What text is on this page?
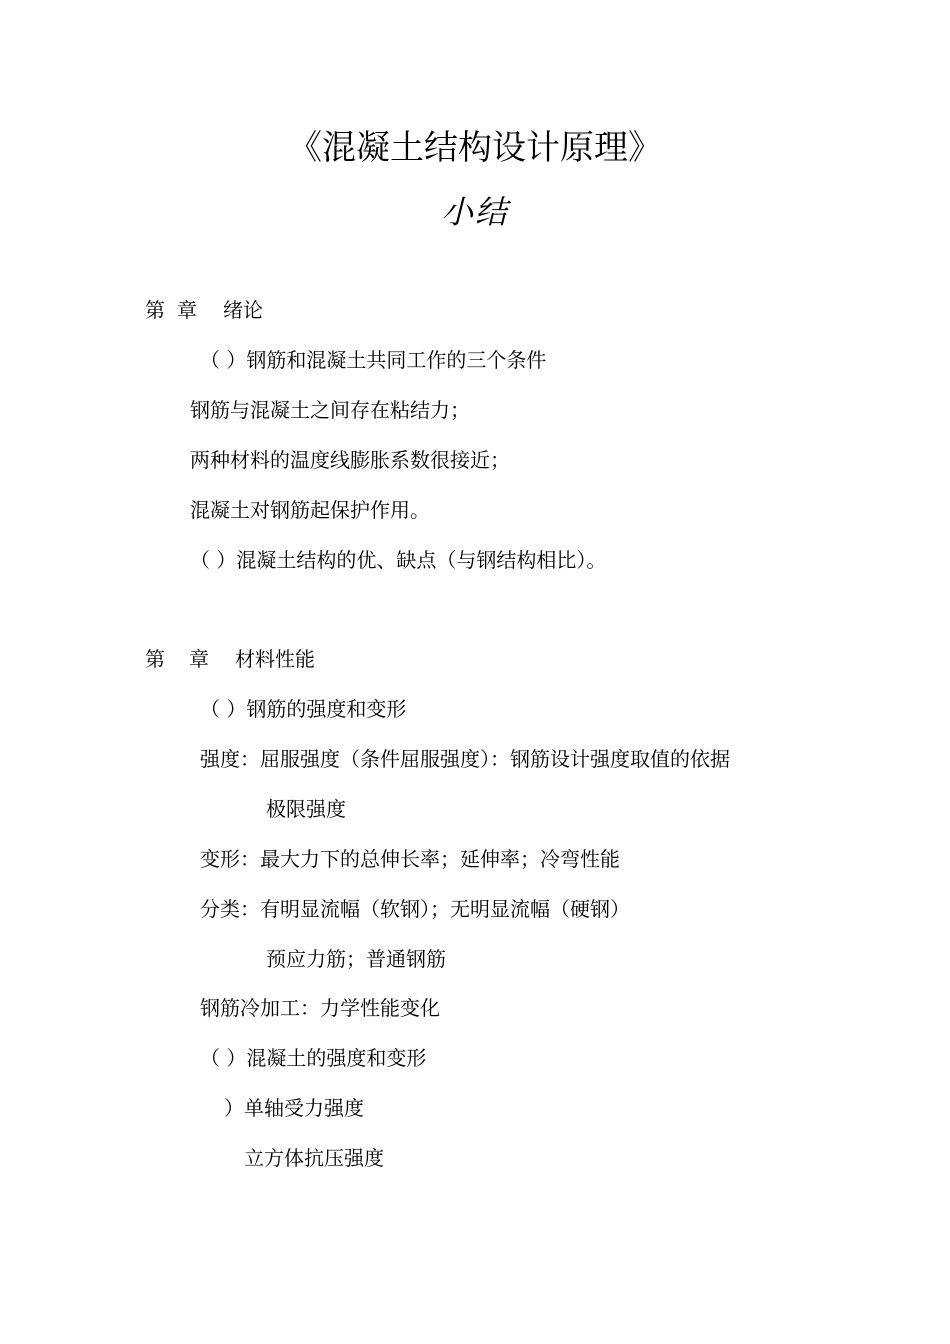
《混凝土结构设计原理》
小结
第 章 绪论
（ ）钢筋和混凝土共同工作的三个条件
钢筋与混凝土之间存在粘结力；
两种材料的温度线膨胀系数很接近；
混凝土对钢筋起保护作用。
（ ）混凝土结构的优、缺点（与钢结构相比）。
第 章 材料性能
（ ）钢筋的强度和变形
强度：屈服强度（条件屈服强度）：钢筋设计强度取值的依据
极限强度
变形：最大力下的总伸长率；延伸率；冷弯性能
分类：有明显流幅（软钢）；无明显流幅（硬钢）
预应力筋；普通钢筋
钢筋冷加工：力学性能变化
（ ）混凝土的强度和变形
）单轴受力强度
立方体抗压强度
